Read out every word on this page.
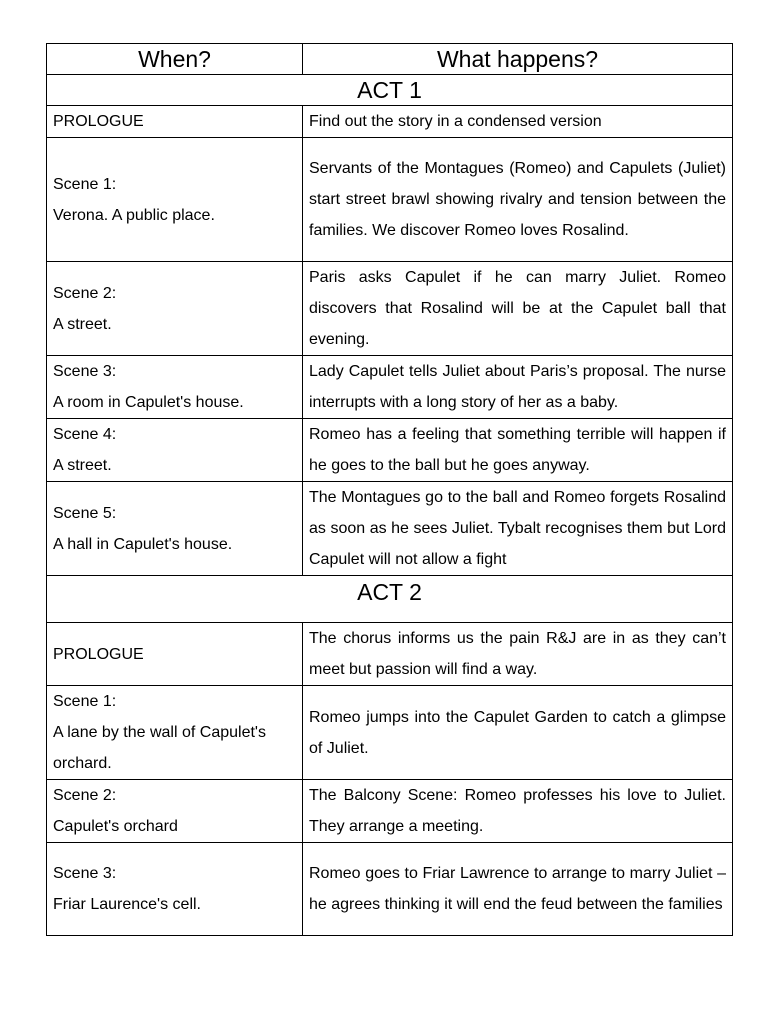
When?	What happens?
ACT 1	

PROLOGUE	Find out the story in a condensed version

Scene 1:
Verona. A public place.	Servants of the Montagues (Romeo) and Capulets (Juliet) start street brawl showing rivalry and tension between the families. We discover Romeo loves Rosalind.

Scene 2:
A street.	Paris asks Capulet if he can marry Juliet. Romeo discovers that Rosalind will be at the Capulet ball that evening.

Scene 3:
A room in Capulet's house.	Lady Capulet tells Juliet about Paris’s proposal. The nurse interrupts with a long story of her as a baby.

Scene 4:
A street.	Romeo has a feeling that something terrible will happen if he goes to the ball but he goes anyway.

Scene 5:
A hall in Capulet's house.	The Montagues go to the ball and Romeo forgets Rosalind as soon as he sees Juliet. Tybalt recognises them but Lord Capulet will not allow a fight
ACT 2	

PROLOGUE	The chorus informs us the pain R&J are in as they can’t meet but passion will find a way.

Scene 1:
A lane by the wall of Capulet's orchard.	Romeo jumps into the Capulet Garden to catch a glimpse of Juliet.

Scene 2:
Capulet's orchard	The Balcony Scene: Romeo professes his love to Juliet. They arrange a meeting.

Scene 3:
Friar Laurence's cell.	Romeo goes to Friar Lawrence to arrange to marry Juliet – he agrees thinking it will end the feud between the families
